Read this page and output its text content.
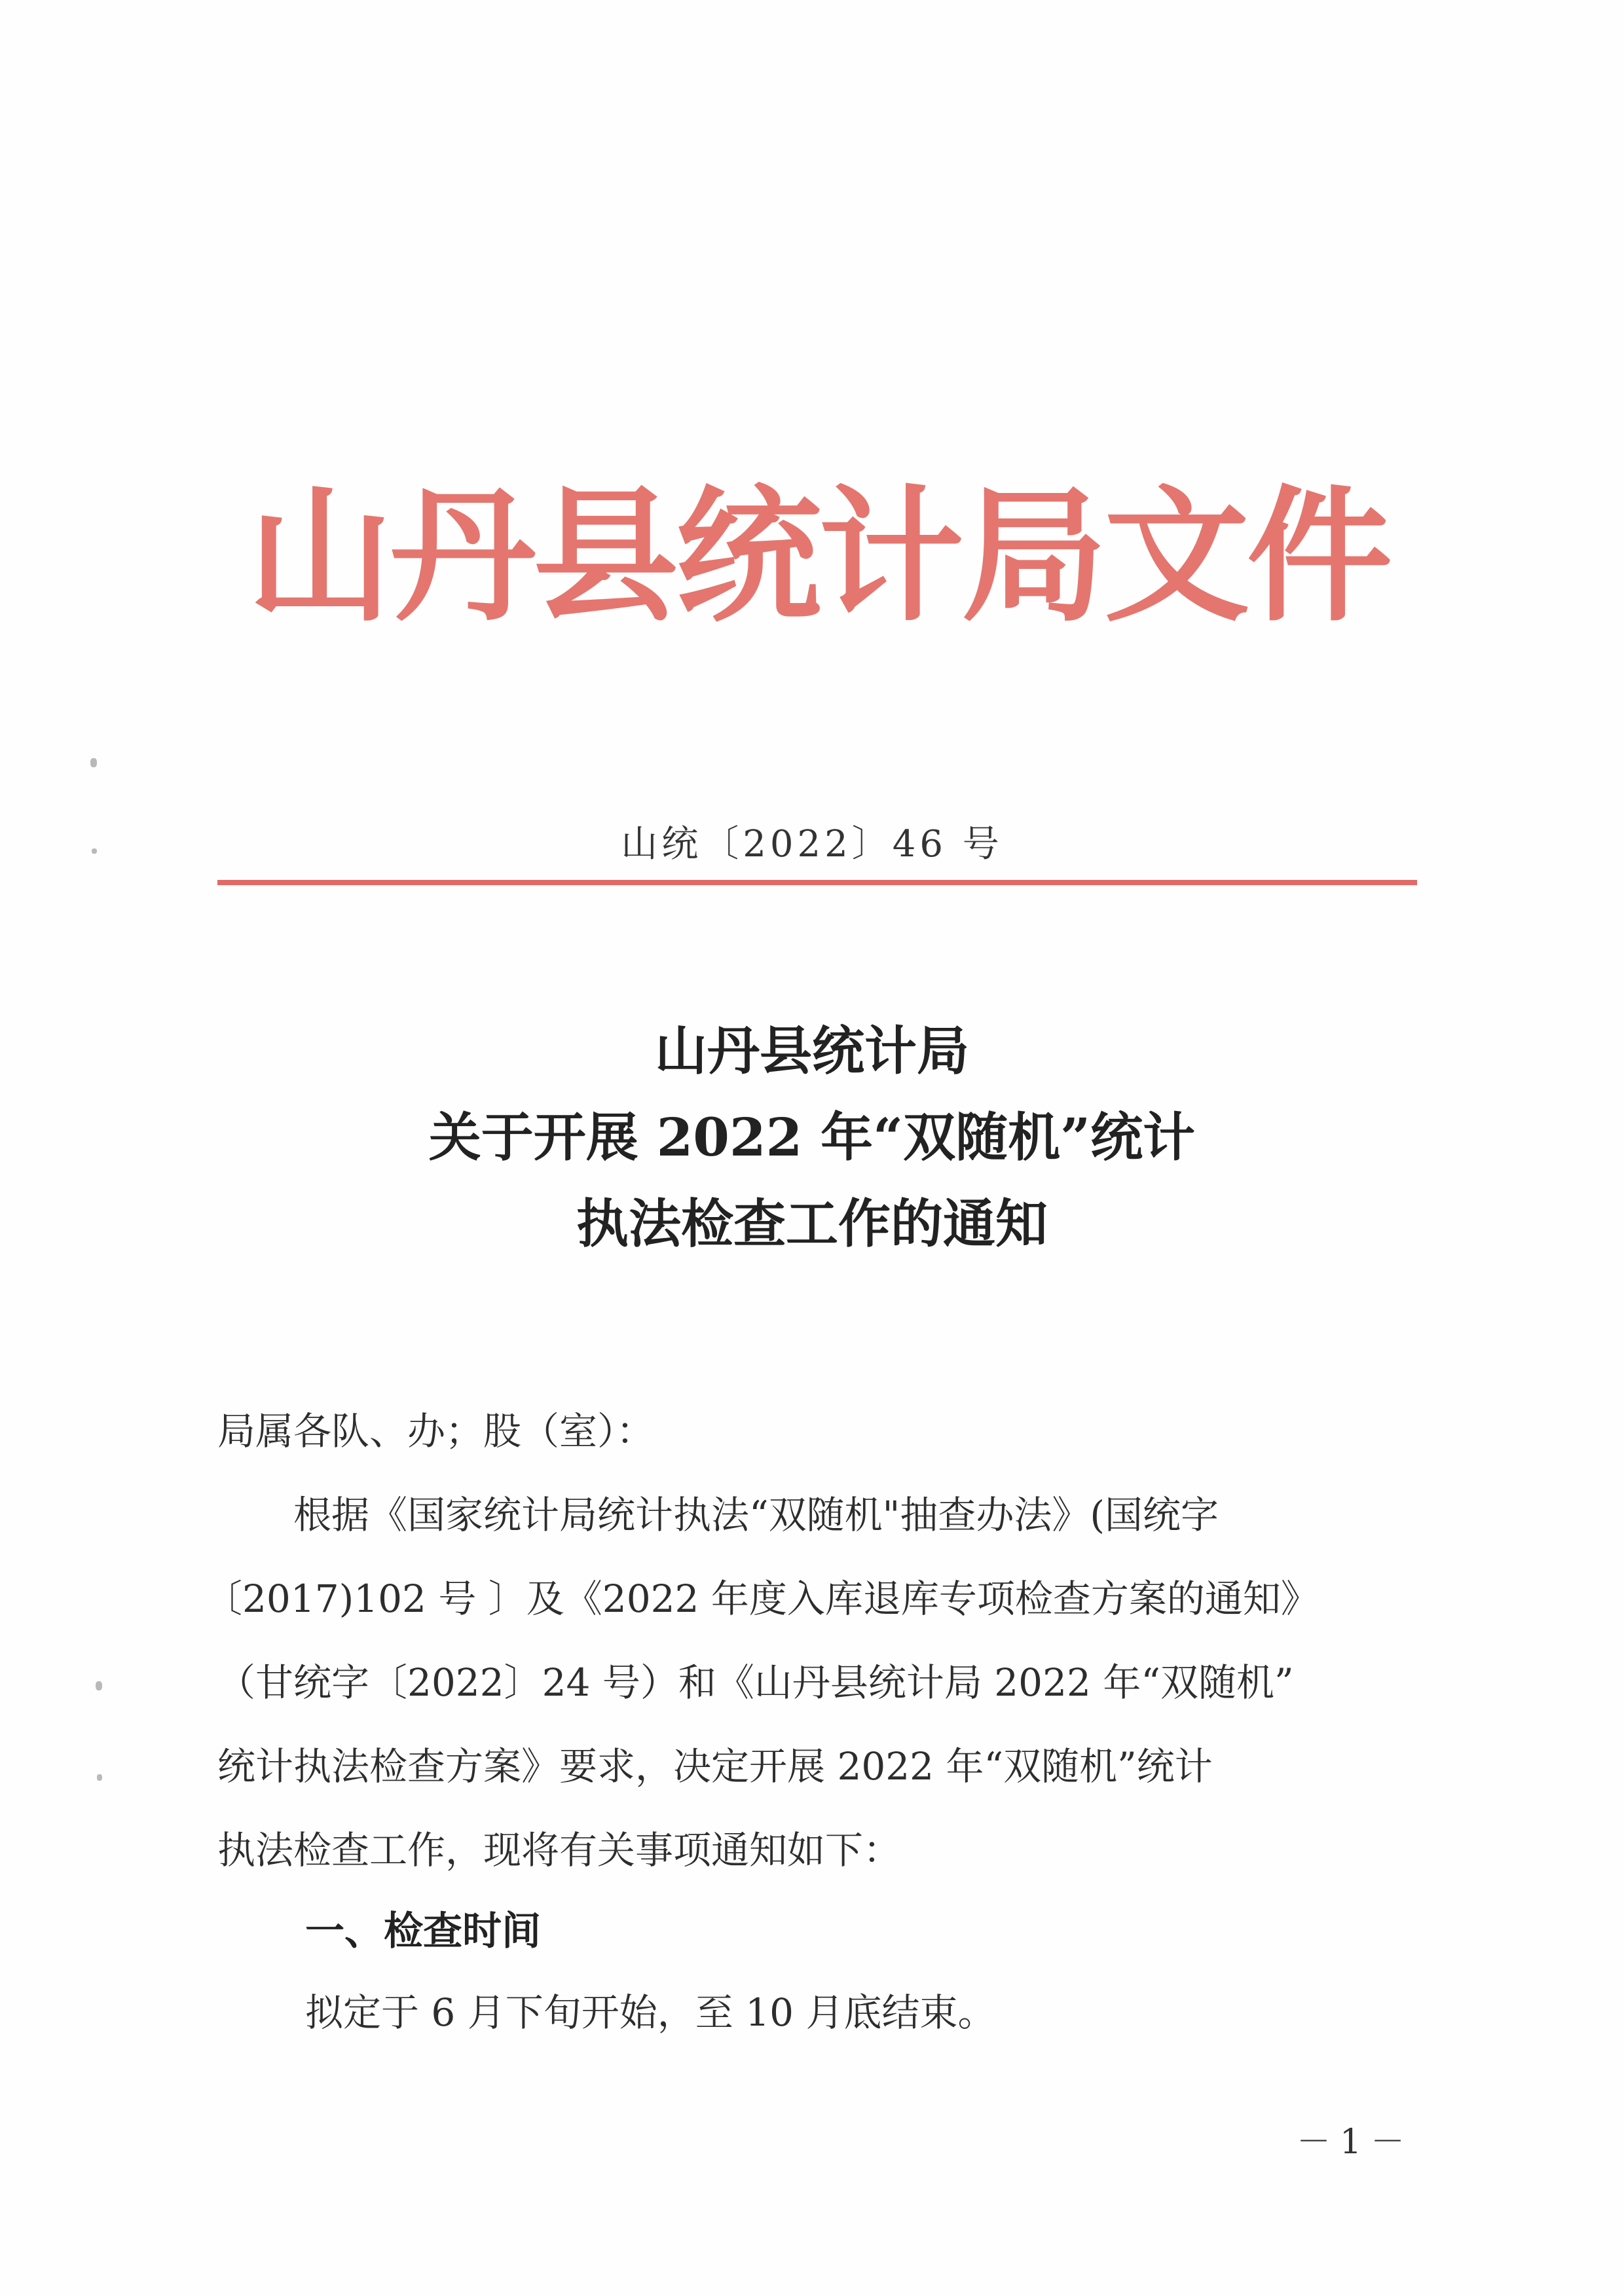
山丹县统计局文件
山统〔2022〕46 号
山丹县统计局
关于开展 2022 年“双随机”统计
执法检查工作的通知
局属各队、办；股（室）：
　　根据《国家统计局统计执法“双随机"抽查办法》(国统字
〔2017)102 号 〕及《2022 年度入库退库专项检查方案的通知》
（甘统字〔2022〕24 号）和《山丹县统计局 2022 年“双随机”
统计执法检查方案》要求，决定开展 2022 年“双随机”统计
执法检查工作，现将有关事项通知如下：
一、检查时间
拟定于 6 月下旬开始，至 10 月底结束。
－1－
